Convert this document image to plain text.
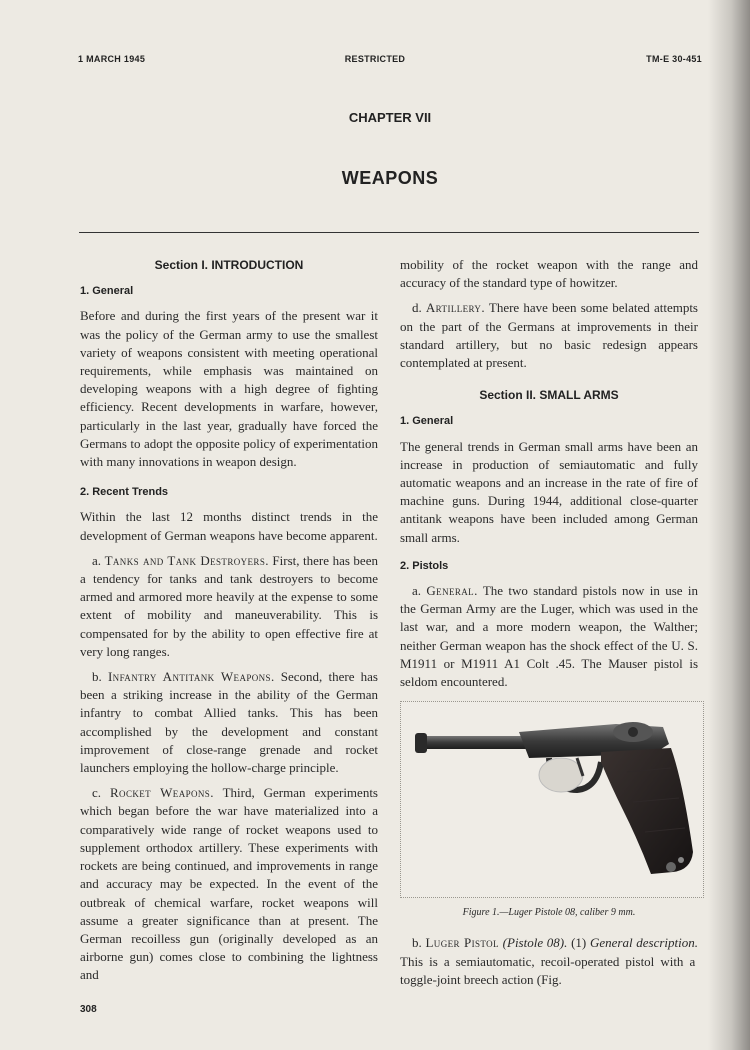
1 MARCH 1945	RESTRICTED	TM-E 30-451
CHAPTER VII
WEAPONS
Section I. INTRODUCTION
1. General

Before and during the first years of the present war it was the policy of the German army to use the smallest variety of weapons consistent with meeting operational requirements, while emphasis was maintained on developing weapons with a high degree of fighting efficiency. Recent developments in warfare, however, particularly in the last year, gradually have forced the Germans to adopt the opposite policy of experimentation with many innovations in weapon design.

2. Recent Trends

Within the last 12 months distinct trends in the development of German weapons have become apparent.

a. Tanks and Tank Destroyers. First, there has been a tendency for tanks and tank destroyers to become armed and armored more heavily at the expense to some extent of mobility and maneuverability. This is compensated for by the ability to open effective fire at very long ranges.

b. Infantry Antitank Weapons. Second, there has been a striking increase in the ability of the German infantry to combat Allied tanks. This has been accomplished by the development and constant improvement of close-range grenade and rocket launchers employing the hollow-charge principle.

c. Rocket Weapons. Third, German experiments which began before the war have materialized into a comparatively wide range of rocket weapons used to supplement orthodox artillery. These experiments with rockets are being continued, and improvements in range and accuracy may be expected. In the event of the outbreak of chemical warfare, rocket weapons will assume a greater significance than at present. The German recoilless gun (originally developed as an airborne gun) comes close to combining the lightness and

mobility of the rocket weapon with the range and accuracy of the standard type of howitzer.

d. Artillery. There have been some belated attempts on the part of the Germans at improvements in their standard artillery, but no basic redesign appears contemplated at present.

Section II. SMALL ARMS
1. General

The general trends in German small arms have been an increase in production of semiautomatic and fully automatic weapons and an increase in the rate of fire of machine guns. During 1944, additional close-quarter antitank weapons have been included among German small arms.

2. Pistols

a. General. The two standard pistols now in use in the German Army are the Luger, which was used in the last war, and a more modern weapon, the Walther; neither German weapon has the shock effect of the U. S. M1911 or M1911 A1 Colt .45. The Mauser pistol is seldom encountered.

Figure 1.—Luger Pistole 08, caliber 9 mm.

b. Luger Pistol (Pistole 08). (1) General description. This is a semiautomatic, recoil-operated pistol with a toggle-joint breech action (Fig.

308
